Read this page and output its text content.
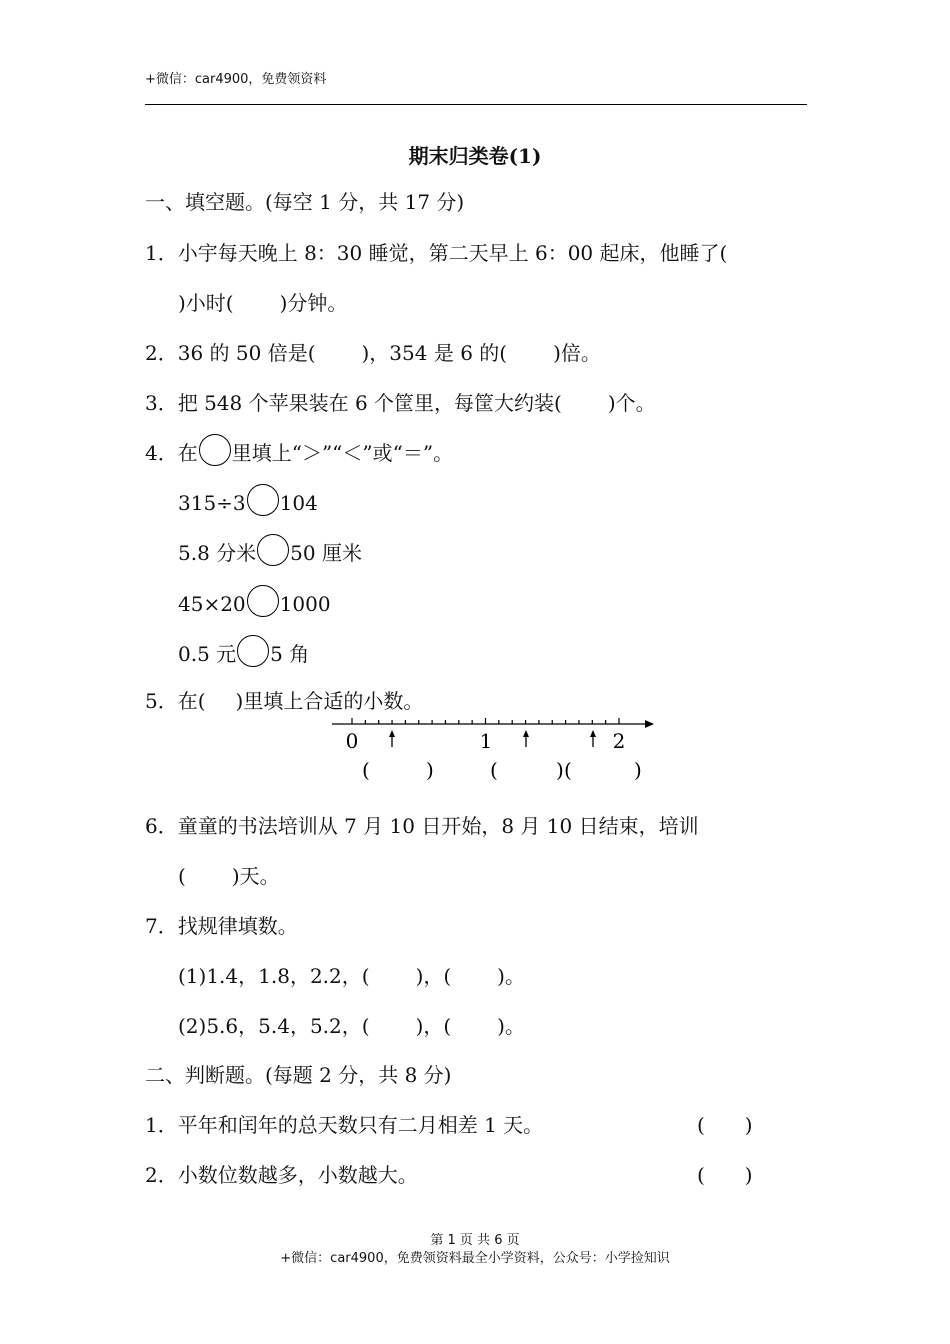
+微信：car4900，免费领资料
期末归类卷(1)
一、填空题。(每空 1 分，共 17 分)
1．小宇每天晚上 8：30 睡觉，第二天早上 6：00 起床，他睡了(
)小时( )分钟。
2．36 的 50 倍是( )，354 是 6 的( )倍。
3．把 548 个苹果装在 6 个筐里，每筐大约装( )个。
4．在 里填上“＞”“＜”或“＝”。
315÷3 104
5.8 分米 50 厘米
45×20 1000
0.5 元 5 角
5．在( )里填上合适的小数。
0	1	2
(	)	(	) (	)
6．童童的书法培训从 7 月 10 日开始，8 月 10 日结束，培训
( )天。
7．找规律填数。
(1)1.4，1.8，2.2，( )，( )。
(2)5.6，5.4，5.2，( )，( )。
二、判断题。(每题 2 分，共 8 分)
1．平年和闰年的总天数只有二月相差 1 天。	(　　)
2．小数位数越多，小数越大。	(　　)
第 1 页 共 6 页
+微信：car4900，免费领资料最全小学资料，公众号：小学捡知识
